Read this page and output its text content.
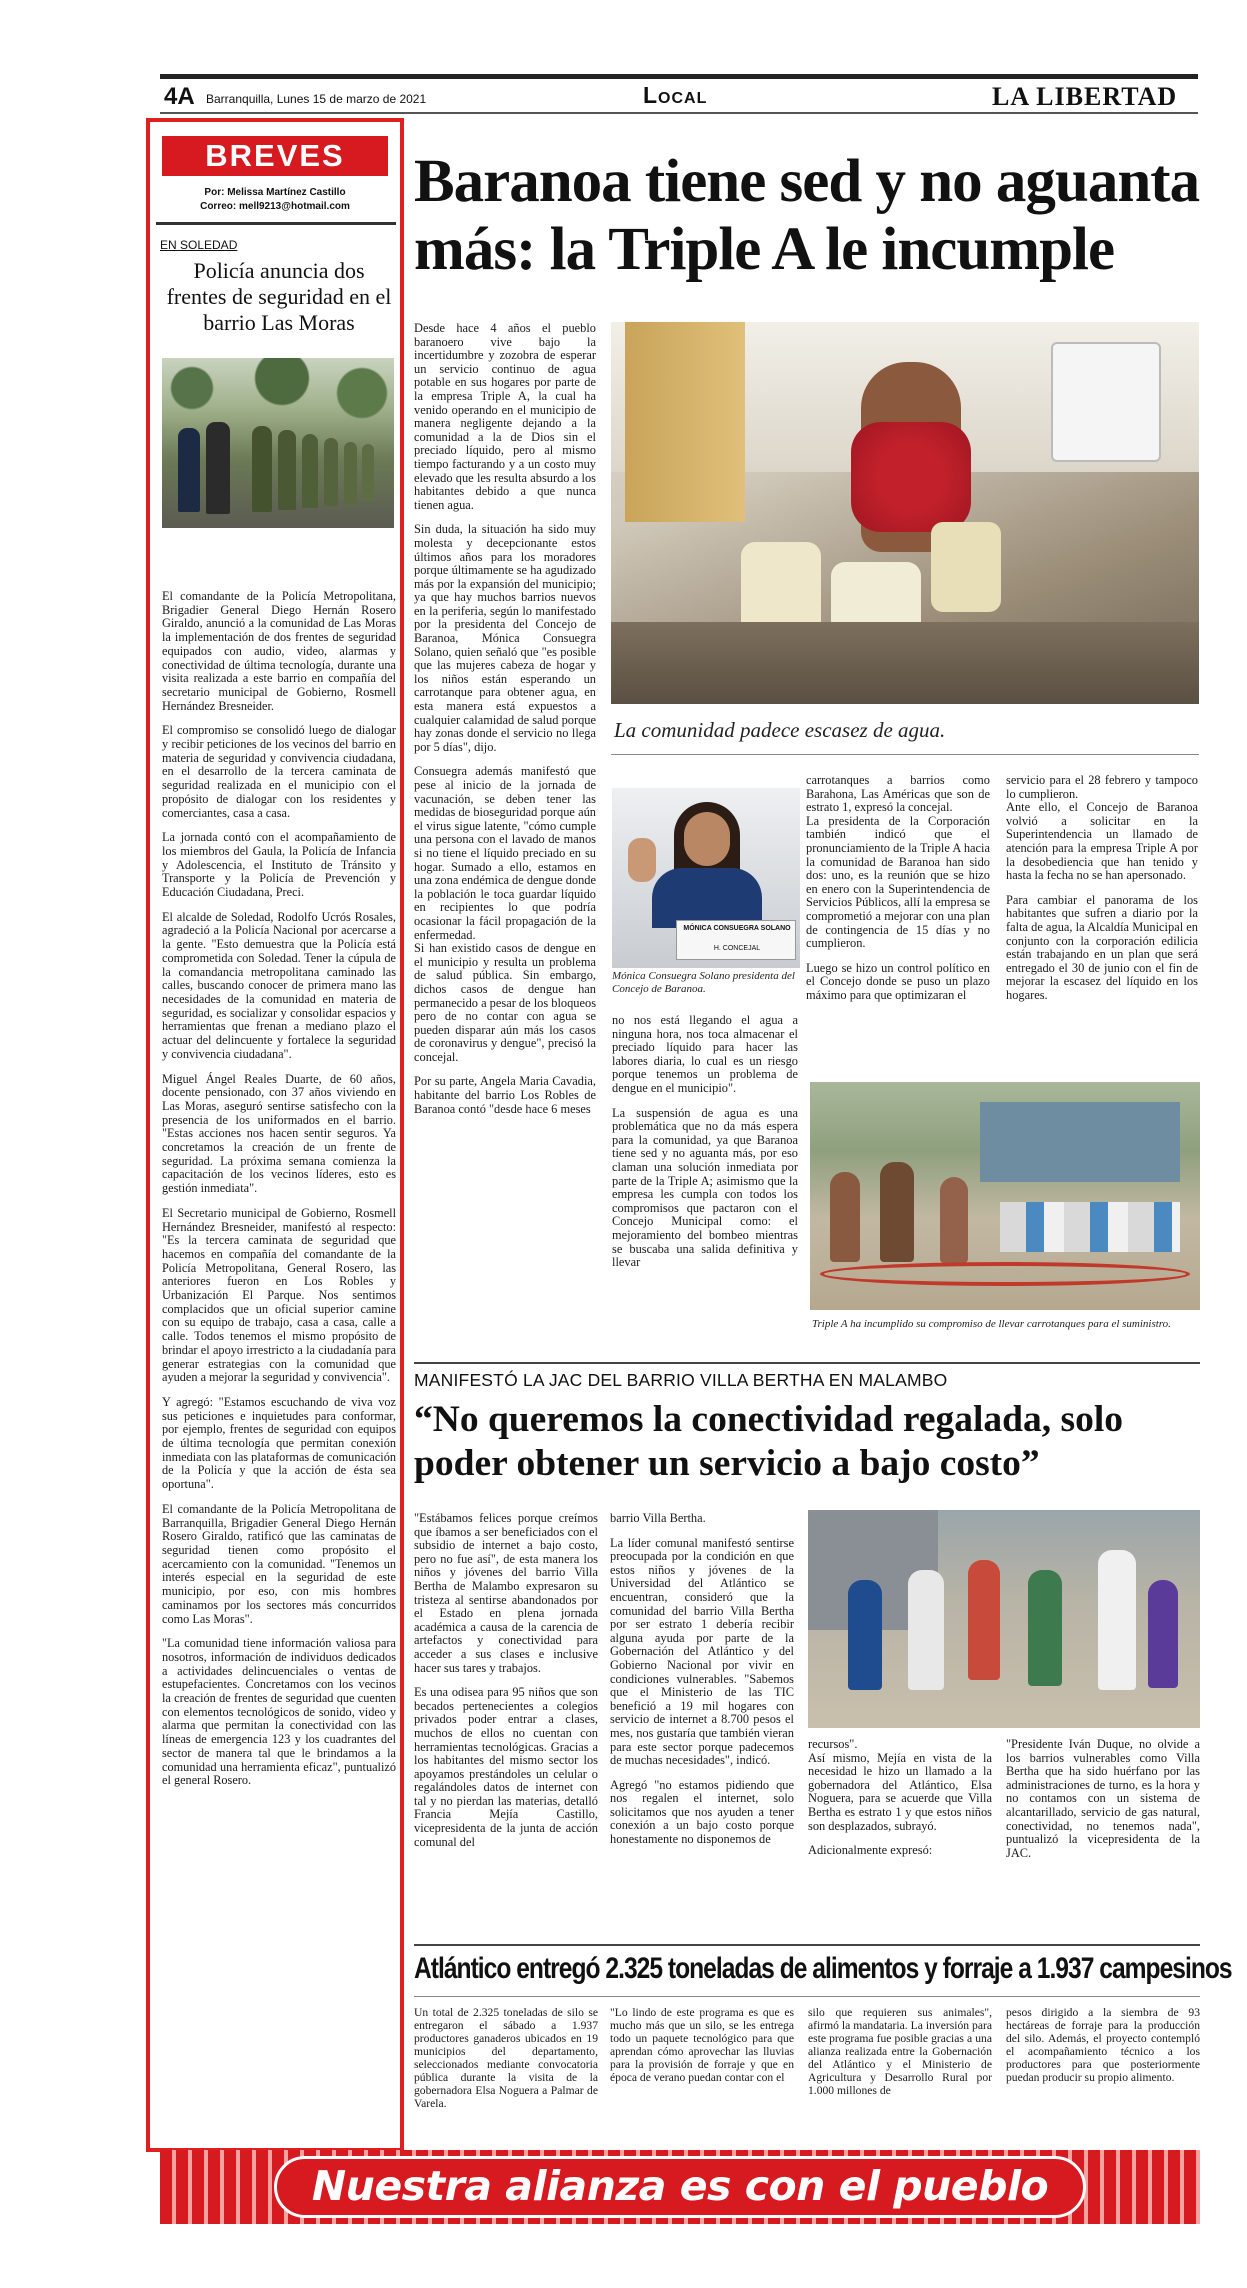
4A Barranquilla, Lunes 15 de marzo de 2021	Local	LA LIBERTAD
BREVES
Por: Melissa Martínez Castillo
Correo: mell9213@hotmail.com
EN SOLEDAD
Policía anuncia dos frentes de seguridad en el barrio Las Moras

El comandante de la Policía Metropolitana, Brigadier General Diego Hernán Rosero Giraldo, anunció a la comunidad de Las Moras la implementación de dos frentes de seguridad equipados con audio, video, alarmas y conectividad de última tecnología, durante una visita realizada a este barrio en compañía del secretario municipal de Gobierno, Rosmell Hernández Bresneider.

El compromiso se consolidó luego de dialogar y recibir peticiones de los vecinos del barrio en materia de seguridad y convivencia ciudadana, en el desarrollo de la tercera caminata de seguridad realizada en el municipio con el propósito de dialogar con los residentes y comerciantes, casa a casa.

La jornada contó con el acompañamiento de los miembros del Gaula, la Policía de Infancia y Adolescencia, el Instituto de Tránsito y Transporte y la Policía de Prevención y Educación Ciudadana, Preci.

El alcalde de Soledad, Rodolfo Ucrós Rosales, agradeció a la Policía Nacional por acercarse a la gente. "Esto demuestra que la Policía está comprometida con Soledad. Tener la cúpula de la comandancia metropolitana caminado las calles, buscando conocer de primera mano las necesidades de la comunidad en materia de seguridad, es socializar y consolidar espacios y herramientas que frenan a mediano plazo el actuar del delincuente y fortalece la seguridad y convivencia ciudadana".

Miguel Ángel Reales Duarte, de 60 años, docente pensionado, con 37 años viviendo en Las Moras, aseguró sentirse satisfecho con la presencia de los uniformados en el barrio. "Estas acciones nos hacen sentir seguros. Ya concretamos la creación de un frente de seguridad. La próxima semana comienza la capacitación de los vecinos líderes, esto es gestión inmediata".

El Secretario municipal de Gobierno, Rosmell Hernández Bresneider, manifestó al respecto: "Es la tercera caminata de seguridad que hacemos en compañía del comandante de la Policía Metropolitana, General Rosero, las anteriores fueron en Los Robles y Urbanización El Parque. Nos sentimos complacidos que un oficial superior camine con su equipo de trabajo, casa a casa, calle a calle. Todos tenemos el mismo propósito de brindar el apoyo irrestricto a la ciudadanía para generar estrategias con la comunidad que ayuden a mejorar la seguridad y convivencia".

Y agregó: "Estamos escuchando de viva voz sus peticiones e inquietudes para conformar, por ejemplo, frentes de seguridad con equipos de última tecnología que permitan conexión inmediata con las plataformas de comunicación de la Policía y que la acción de ésta sea oportuna".

El comandante de la Policía Metropolitana de Barranquilla, Brigadier General Diego Hernán Rosero Giraldo, ratificó que las caminatas de seguridad tienen como propósito el acercamiento con la comunidad. "Tenemos un interés especial en la seguridad de este municipio, por eso, con mis hombres caminamos por los sectores más concurridos como Las Moras".

"La comunidad tiene información valiosa para nosotros, información de individuos dedicados a actividades delincuenciales o ventas de estupefacientes. Concretamos con los vecinos la creación de frentes de seguridad que cuenten con elementos tecnológicos de sonido, video y alarma que permitan la conectividad con las líneas de emergencia 123 y los cuadrantes del sector de manera tal que le brindamos a la comunidad una herramienta eficaz", puntualizó el general Rosero.

Baranoa tiene sed y no aguanta más: la Triple A le incumple

Desde hace 4 años el pueblo baranoero vive bajo la incertidumbre y zozobra de esperar un servicio continuo de agua potable en sus hogares por parte de la empresa Triple A, la cual ha venido operando en el municipio de manera negligente dejando a la comunidad a la de Dios sin el preciado líquido, pero al mismo tiempo facturando y a un costo muy elevado que les resulta absurdo a los habitantes debido a que nunca tienen agua.

Sin duda, la situación ha sido muy molesta y decepcionante estos últimos años para los moradores porque últimamente se ha agudizado más por la expansión del municipio; ya que hay muchos barrios nuevos en la periferia, según lo manifestado por la presidenta del Concejo de Baranoa, Mónica Consuegra Solano, quien señaló que "es posible que las mujeres cabeza de hogar y los niños están esperando un carrotanque para obtener agua, en esta manera está expuestos a cualquier calamidad de salud porque hay zonas donde el servicio no llega por 5 días", dijo.

Consuegra además manifestó que pese al inicio de la jornada de vacunación, se deben tener las medidas de bioseguridad porque aún el virus sigue latente, "cómo cumple una persona con el lavado de manos si no tiene el líquido preciado en su hogar. Sumado a ello, estamos en una zona endémica de dengue donde la población le toca guardar líquido en recipientes lo que podría ocasionar la fácil propagación de la enfermedad.

Si han existido casos de dengue en el municipio y resulta un problema de salud pública. Sin embargo, dichos casos de dengue han permanecido a pesar de los bloqueos pero de no contar con agua se pueden disparar aún más los casos de coronavirus y dengue", precisó la concejal.

Por su parte, Angela Maria Cavadia, habitante del barrio Los Robles de Baranoa contó "desde hace 6 meses

La comunidad padece escasez de agua.
MÓNICA CONSUEGRA SOLANO
H. CONCEJAL
Mónica Consuegra Solano presidenta del Concejo de Baranoa.

carrotanques a barrios como Barahona, Las Américas que son de estrato 1, expresó la concejal.

La presidenta de la Corporación también indicó que el pronunciamiento de la Triple A hacia la comunidad de Baranoa han sido dos: uno, es la reunión que se hizo en enero con la Superintendencia de Servicios Públicos, allí la empresa se comprometió a mejorar con una plan de contingencia de 15 días y no cumplieron.

Luego se hizo un control político en el Concejo donde se puso un plazo máximo para que optimizaran el

no nos está llegando el agua a ninguna hora, nos toca almacenar el preciado líquido para hacer las labores diaria, lo cual es un riesgo porque tenemos un problema de dengue en el municipio".

La suspensión de agua es una problemática que no da más espera para la comunidad, ya que Baranoa tiene sed y no aguanta más, por eso claman una solución inmediata por parte de la Triple A; asimismo que la empresa les cumpla con todos los compromisos que pactaron con el Concejo Municipal como: el mejoramiento del bombeo mientras se buscaba una salida definitiva y llevar

servicio para el 28 febrero y tampoco lo cumplieron.

Ante ello, el Concejo de Baranoa volvió a solicitar en la Superintendencia un llamado de atención para la empresa Triple A por la desobediencia que han tenido y hasta la fecha no se han apersonado.

Para cambiar el panorama de los habitantes que sufren a diario por la falta de agua, la Alcaldía Municipal en conjunto con la corporación edilicia están trabajando en un plan que será entregado el 30 de junio con el fin de mejorar la escasez del líquido en los hogares.

Triple A ha incumplido su compromiso de llevar carrotanques para el suministro.
MANIFESTÓ LA JAC DEL BARRIO VILLA BERTHA EN MALAMBO
“No queremos la conectividad regalada, solo poder obtener un servicio a bajo costo”

"Estábamos felices porque creímos que íbamos a ser beneficiados con el subsidio de internet a bajo costo, pero no fue así", de esta manera los niños y jóvenes del barrio Villa Bertha de Malambo expresaron su tristeza al sentirse abandonados por el Estado en plena jornada académica a causa de la carencia de artefactos y conectividad para acceder a sus clases e inclusive hacer sus tares y trabajos.

Es una odisea para 95 niños que son becados pertenecientes a colegios privados poder entrar a clases, muchos de ellos no cuentan con herramientas tecnológicas. Gracias a los habitantes del mismo sector los apoyamos prestándoles un celular o regalándoles datos de internet con tal y no pierdan las materias, detalló Francia Mejía Castillo, vicepresidenta de la junta de acción comunal del

barrio Villa Bertha.

La líder comunal manifestó sentirse preocupada por la condición en que estos niños y jóvenes de la Universidad del Atlántico se encuentran, consideró que la comunidad del barrio Villa Bertha por ser estrato 1 debería recibir alguna ayuda por parte de la Gobernación del Atlántico y del Gobierno Nacional por vivir en condiciones vulnerables. "Sabemos que el Ministerio de las TIC benefició a 19 mil hogares con servicio de internet a 8.700 pesos el mes, nos gustaría que también vieran para este sector porque padecemos de muchas necesidades", indicó.

Agregó "no estamos pidiendo que nos regalen el internet, solo solicitamos que nos ayuden a tener conexión a un bajo costo porque honestamente no disponemos de

recursos".

Así mismo, Mejía en vista de la necesidad le hizo un llamado a la gobernadora del Atlántico, Elsa Noguera, para se acuerde que Villa Bertha es estrato 1 y que estos niños son desplazados, subrayó.

Adicionalmente expresó:

"Presidente Iván Duque, no olvide a los barrios vulnerables como Villa Bertha que ha sido huérfano por las administraciones de turno, es la hora y no contamos con un sistema de alcantarillado, servicio de gas natural, conectividad, no tenemos nada", puntualizó la vicepresidenta de la JAC.

Atlántico entregó 2.325 toneladas de alimentos y forraje a 1.937 campesinos
Un total de 2.325 toneladas de silo se entregaron el sábado a 1.937 productores ganaderos ubicados en 19 municipios del departamento, seleccionados mediante convocatoria pública durante la visita de la gobernadora Elsa Noguera a Palmar de Varela.
"Lo lindo de este programa es que es mucho más que un silo, se les entrega todo un paquete tecnológico para que aprendan cómo aprovechar las lluvias para la provisión de forraje y que en época de verano puedan contar con el
silo que requieren sus animales", afirmó la mandataria. La inversión para este programa fue posible gracias a una alianza realizada entre la Gobernación del Atlántico y el Ministerio de Agricultura y Desarrollo Rural por 1.000 millones de
pesos dirigido a la siembra de 93 hectáreas de forraje para la producción del silo. Además, el proyecto contempló el acompañamiento técnico a los productores para que posteriormente puedan producir su propio alimento.
Nuestra alianza es con el pueblo
